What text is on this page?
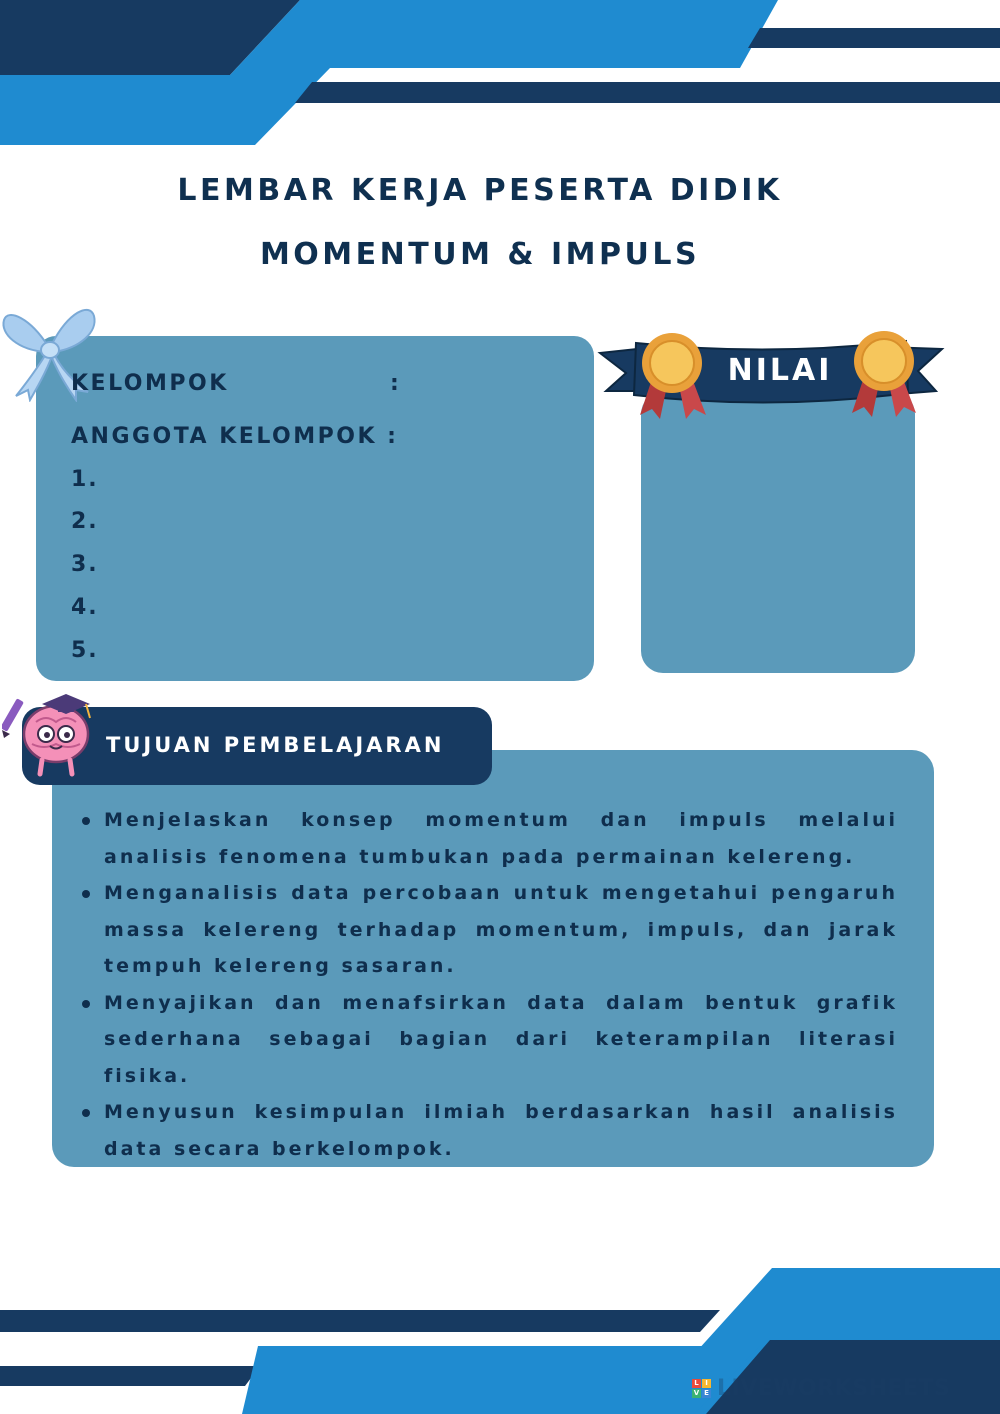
LEMBAR KERJA PESERTA DIDIK
MOMENTUM & IMPULS
KELOMPOK	:
ANGGOTA KELOMPOK :
1.
2.
3.
4.
5.
NILAI
TUJUAN PEMBELAJARAN
Menjelaskan konsep momentum dan impuls melalui analisis fenomena tumbukan pada permainan kelereng.
Menganalisis data percobaan untuk mengetahui pengaruh massa kelereng terhadap momentum, impuls, dan jarak tempuh kelereng sasaran.
Menyajikan dan menafsirkan data dalam bentuk grafik sederhana sebagai bagian dari keterampilan literasi fisika.
Menyusun kesimpulan ilmiah berdasarkan hasil analisis data secara berkelompok.
L I
V E LIVEWORKSHEETS
